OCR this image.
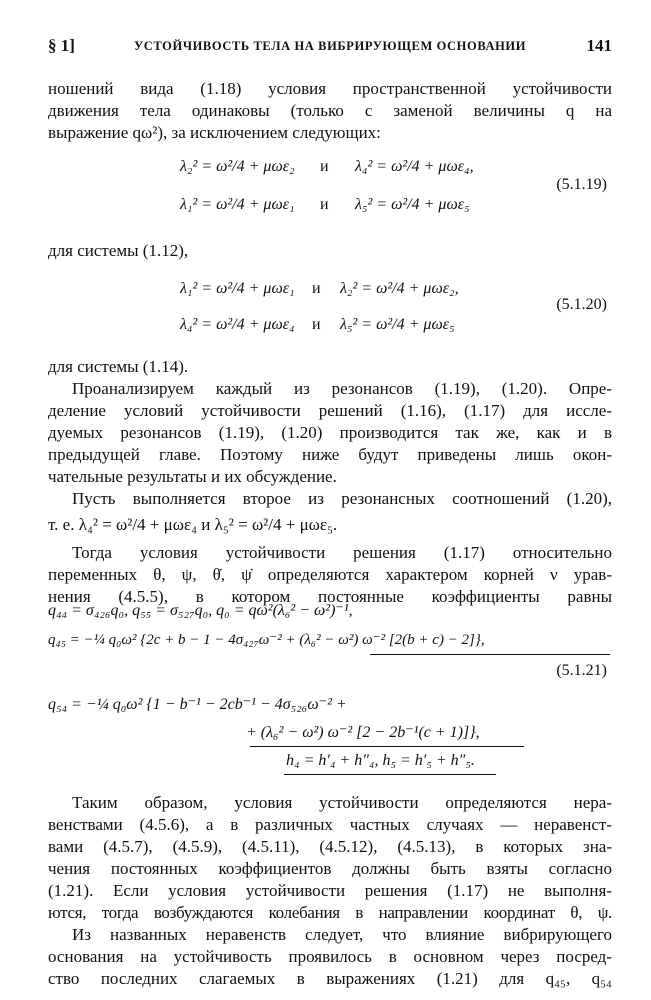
§ 1]	УСТОЙЧИВОСТЬ ТЕЛА НА ВИБРИРУЮЩЕМ ОСНОВАНИИ	141
ношений вида (1.18) условия пространственной устойчивости
движения тела одинаковы (только с заменой величины q на
выражение qω²), за исключением следующих:
λ₂² = ω²/4 + μωε₂ и λ₄² = ω²/4 + μωε₄,
λ₁² = ω²/4 + μωε₁ и λ₅² = ω²/4 + μωε₅
(5.1.19)
для системы (1.12),
λ₁² = ω²/4 + μωε₁ и λ₂² = ω²/4 + μωε₂,
λ₄² = ω²/4 + μωε₄ и λ₅² = ω²/4 + μωε₅
(5.1.20)
для системы (1.14).
Проанализируем каждый из резонансов (1.19), (1.20). Опре-
деление условий устойчивости решений (1.16), (1.17) для иссле-
дуемых резонансов (1.19), (1.20) производится так же, как и в
предыдущей главе. Поэтому ниже будут приведены лишь окон-
чательные результаты и их обсуждение.
Пусть выполняется второе из резонансных соотношений (1.20),
т. е. λ₄² = ω²/4 + μωε₄ и λ₅² = ω²/4 + μωε₅.
Тогда условия устойчивости решения (1.17) относительно
переменных θ, ψ, θ̇, ψ̇ определяются характером корней ν урав-
нения (4.5.5), в котором постоянные коэффициенты равны
q₄₄ = σ₄₂₆q₀, q₅₅ = σ₅₂₇q₀, q₀ = qω²(λ₆² − ω²)⁻¹,
q₄₅ = −¼ q₀ω² {2c + b − 1 − 4σ₄₂₇ω⁻² + (λ₆² − ω²) ω⁻² [2(b + c) − 2]},
(5.1.21)
q₅₄ = −¼ q₀ω² {1 − b⁻¹ − 2cb⁻¹ − 4σ₅₂₆ω⁻² +
+ (λ₆² − ω²) ω⁻² [2 − 2b⁻¹(c + 1)]},
h₄ = h′₄ + h″₄, h₅ = h′₅ + h″₅.
Таким образом, условия устойчивости определяются нера-
венствами (4.5.6), а в различных частных случаях — неравенст-
вами (4.5.7), (4.5.9), (4.5.11), (4.5.12), (4.5.13), в которых зна-
чения постоянных коэффициентов должны быть взяты согласно
(1.21). Если условия устойчивости решения (1.17) не выполня-
ются, тогда возбуждаются колебания в направлении координат θ, ψ.
Из названных неравенств следует, что влияние вибрирующего
основания на устойчивость проявилось в основном через посред-
ство последних слагаемых в выражениях (1.21) для q₄₅, q₅₄
